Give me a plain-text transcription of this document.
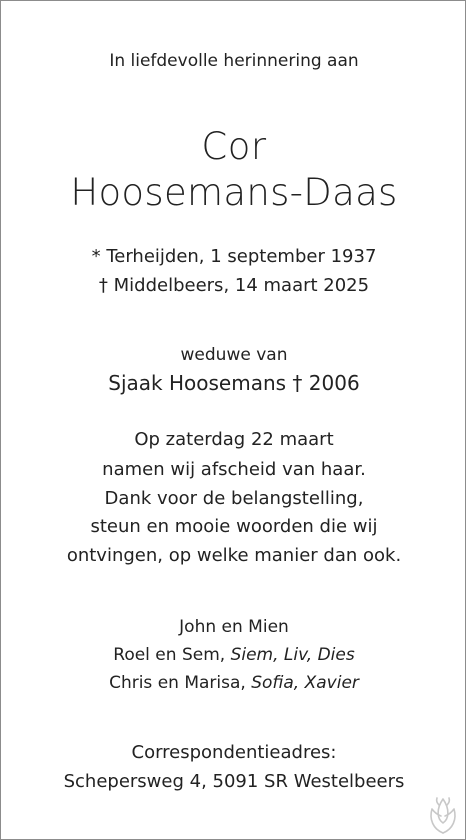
In liefdevolle herinnering aan
Cor
Hoosemans-Daas
* Terheijden, 1 september 1937
† Middelbeers, 14 maart 2025
weduwe van
Sjaak Hoosemans † 2006
Op zaterdag 22 maart
namen wij afscheid van haar.
Dank voor de belangstelling,
steun en mooie woorden die wij
ontvingen, op welke manier dan ook.
John en Mien
Roel en Sem, Siem, Liv, Dies
Chris en Marisa, Sofia, Xavier
Correspondentieadres:
Schepersweg 4, 5091 SR Westelbeers
